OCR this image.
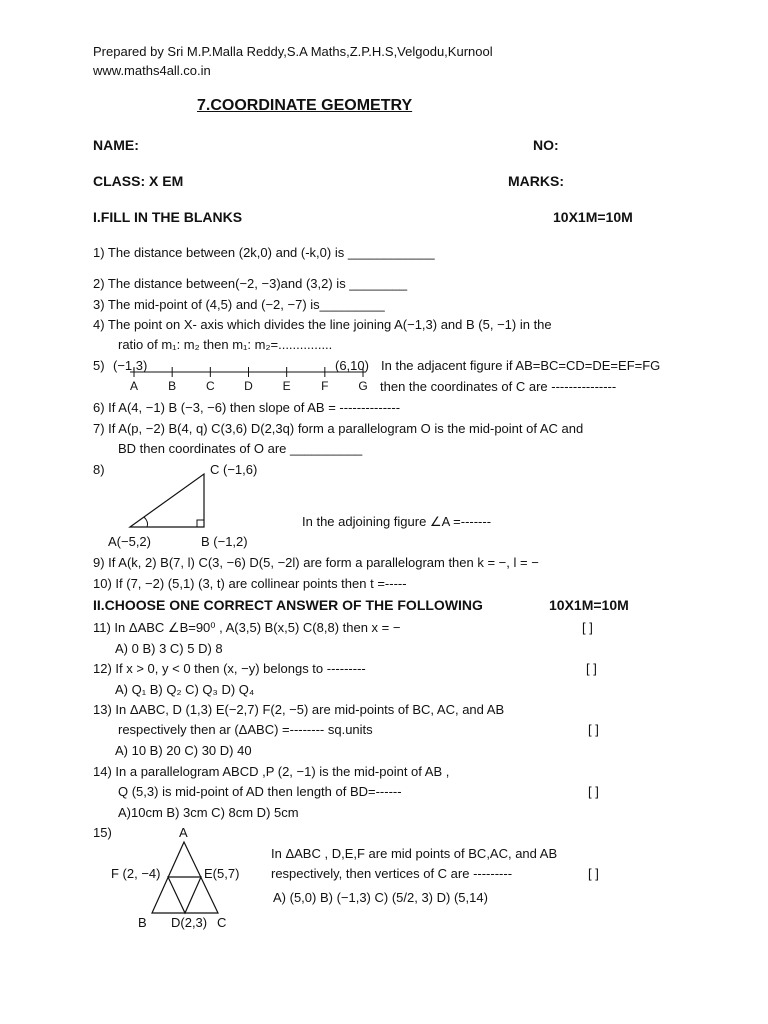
Prepared by Sri M.P.Malla Reddy,S.A Maths,Z.P.H.S,Velgodu,Kurnool
www.maths4all.co.in
7.COORDINATE GEOMETRY
NAME:	NO:
CLASS: X EM	MARKS:
I.FILL IN THE BLANKS	10X1M=10M
1) The distance between (2k,0) and (-k,0) is ____________
2) The distance between(−2, −3)and (3,2) is ________
3) The mid-point of (4,5) and (−2, −7) is_________
4) The point on X- axis which divides the line joining A(−1,3) and B (5, −1) in the
ratio of m₁: m₂ then m₁: m₂=...............
5) (−1,3)	(6,10) In the adjacent figure if AB=BC=CD=DE=EF=FG
then the coordinates of C are ---------------
A	B C D E	F G
6) If A(4, −1) B (−3, −6) then slope of AB = --------------
7) If A(p, −2) B(4, q) C(3,6) D(2,3q) form a parallelogram O is the mid-point of AC and
BD then coordinates of O are __________
8)	C (−1,6)
A(−5,2)	B (−1,2)
In the adjoining figure ∠A =-------
9) If A(k, 2) B(7, l) C(3, −6) D(5, −2l) are form a parallelogram then k = −, l = −
10) If (7, −2) (5,1) (3, t) are collinear points then t =-----
II.CHOOSE ONE CORRECT ANSWER OF THE FOLLOWING	10X1M=10M
11) In ΔABC ∠B=90⁰ , A(3,5) B(x,5) C(8,8) then x = −	[ ]
A) 0 B) 3 C) 5 D) 8
12) If x > 0, y < 0 then (x, −y) belongs to ---------	[ ]
A) Q₁ B) Q₂ C) Q₃ D) Q₄
13) In ΔABC, D (1,3) E(−2,7) F(2, −5) are mid-points of BC, AC, and AB
respectively then ar (ΔABC) =-------- sq.units	[ ]
A) 10 B) 20 C) 30 D) 40
14) In a parallelogram ABCD ,P (2, −1) is the mid-point of AB ,
Q (5,3) is mid-point of AD then length of BD=------	[ ]
A)10cm B) 3cm C) 8cm D) 5cm
15)	A
F (2, −4)	E(5,7)
B D(2,3) C
In ΔABC , D,E,F are mid points of BC,AC, and AB
respectively, then vertices of C are ---------	[ ]
A) (5,0) B) (−1,3) C) (5/2, 3) D) (5,14)
